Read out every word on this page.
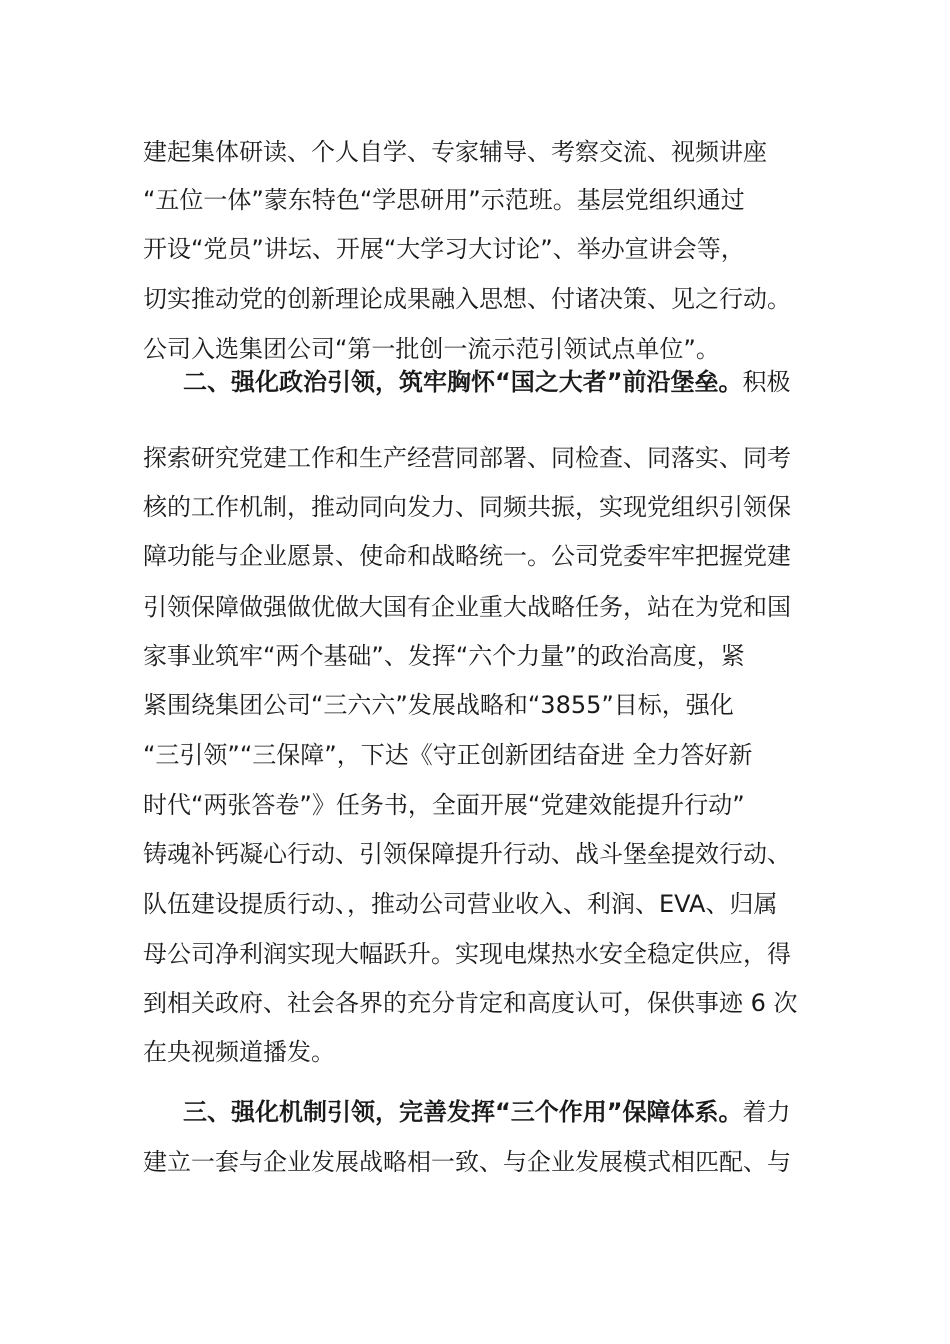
建起集体研读、个人自学、专家辅导、考察交流、视频讲座
“五位一体”蒙东特色“学思研用”示范班。基层党组织通过
开设“党员”讲坛、开展“大学习大讨论”、举办宣讲会等，
切实推动党的创新理论成果融入思想、付诸决策、见之行动。
公司入选集团公司“第一批创一流示范引领试点单位”。
二、强化政治引领，筑牢胸怀“国之大者”前沿堡垒。积极
探索研究党建工作和生产经营同部署、同检查、同落实、同考
核的工作机制，推动同向发力、同频共振，实现党组织引领保
障功能与企业愿景、使命和战略统一。公司党委牢牢把握党建
引领保障做强做优做大国有企业重大战略任务，站在为党和国
家事业筑牢“两个基础”、发挥“六个力量”的政治高度，紧
紧围绕集团公司“三六六”发展战略和“3855”目标，强化
“三引领”“三保障”，下达《守正创新团结奋进 全力答好新
时代“两张答卷”》任务书，全面开展“党建效能提升行动”
铸魂补钙凝心行动、引领保障提升行动、战斗堡垒提效行动、
队伍建设提质行动、，推动公司营业收入、利润、EVA、归属
母公司净利润实现大幅跃升。实现电煤热水安全稳定供应，得
到相关政府、社会各界的充分肯定和高度认可，保供事迹 6 次
在央视频道播发。
三、强化机制引领，完善发挥“三个作用”保障体系。着力
建立一套与企业发展战略相一致、与企业发展模式相匹配、与
